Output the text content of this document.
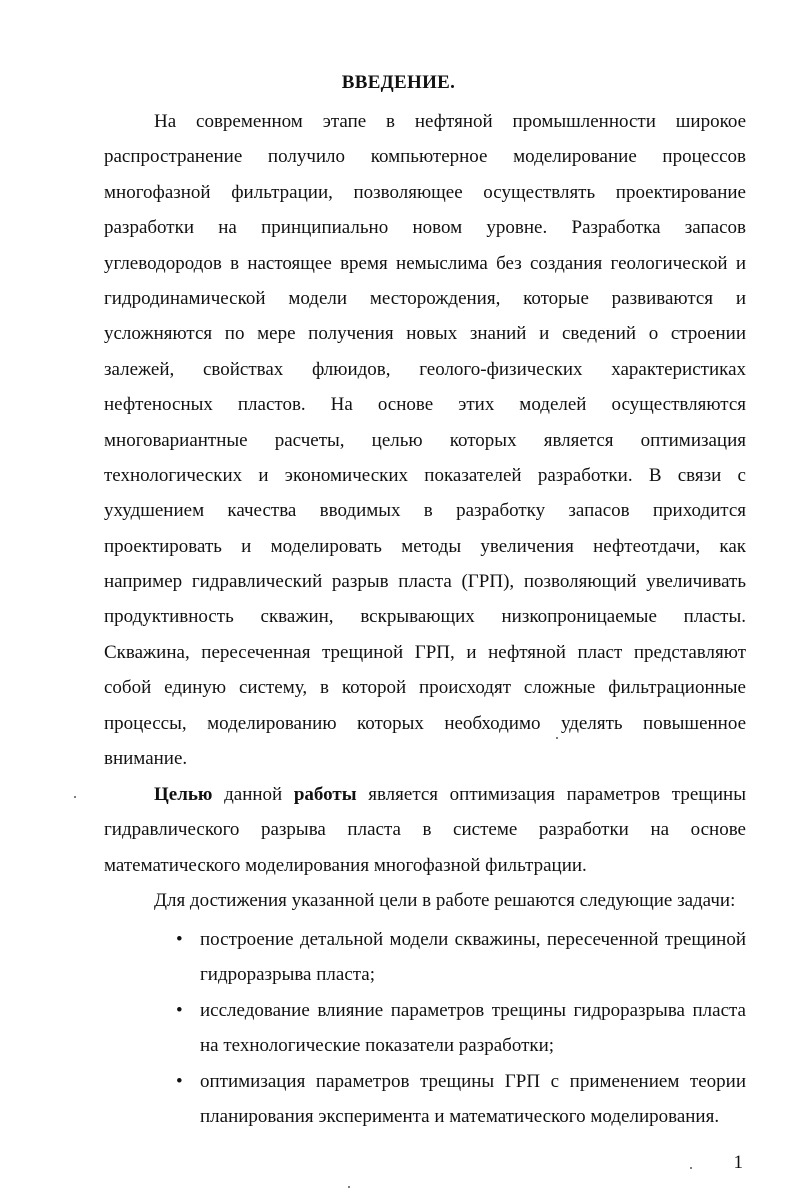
ВВЕДЕНИЕ.
На современном этапе в нефтяной промышленности широкое
распространение получило компьютерное моделирование процессов
многофазной фильтрации, позволяющее осуществлять проектирование
разработки на принципиально новом уровне. Разработка запасов
углеводородов в настоящее время немыслима без создания геологической и
гидродинамической модели месторождения, которые развиваются и
усложняются по мере получения новых знаний и сведений о строении
залежей, свойствах флюидов, геолого-физических характеристиках
нефтеносных пластов. На основе этих моделей осуществляются
многовариантные расчеты, целью которых является оптимизация
технологических и экономических показателей разработки. В связи с
ухудшением качества вводимых в разработку запасов приходится
проектировать и моделировать методы увеличения нефтеотдачи, как
например гидравлический разрыв пласта (ГРП), позволяющий увеличивать
продуктивность скважин, вскрывающих низкопроницаемые пласты.
Скважина, пересеченная трещиной ГРП, и нефтяной пласт представляют
собой единую систему, в которой происходят сложные фильтрационные
процессы, моделированию которых необходимо уделять повышенное
внимание.
Целью данной работы является оптимизация параметров трещины
гидравлического разрыва пласта в системе разработки на основе
математического моделирования многофазной фильтрации.
Для достижения указанной цели в работе решаются следующие задачи:
• построение детальной модели скважины, пересеченной трещиной
гидроразрыва пласта;
• исследование влияние параметров трещины гидроразрыва пласта
на технологические показатели разработки;
• оптимизация параметров трещины ГРП с применением теории
планирования эксперимента и математического моделирования.
1
